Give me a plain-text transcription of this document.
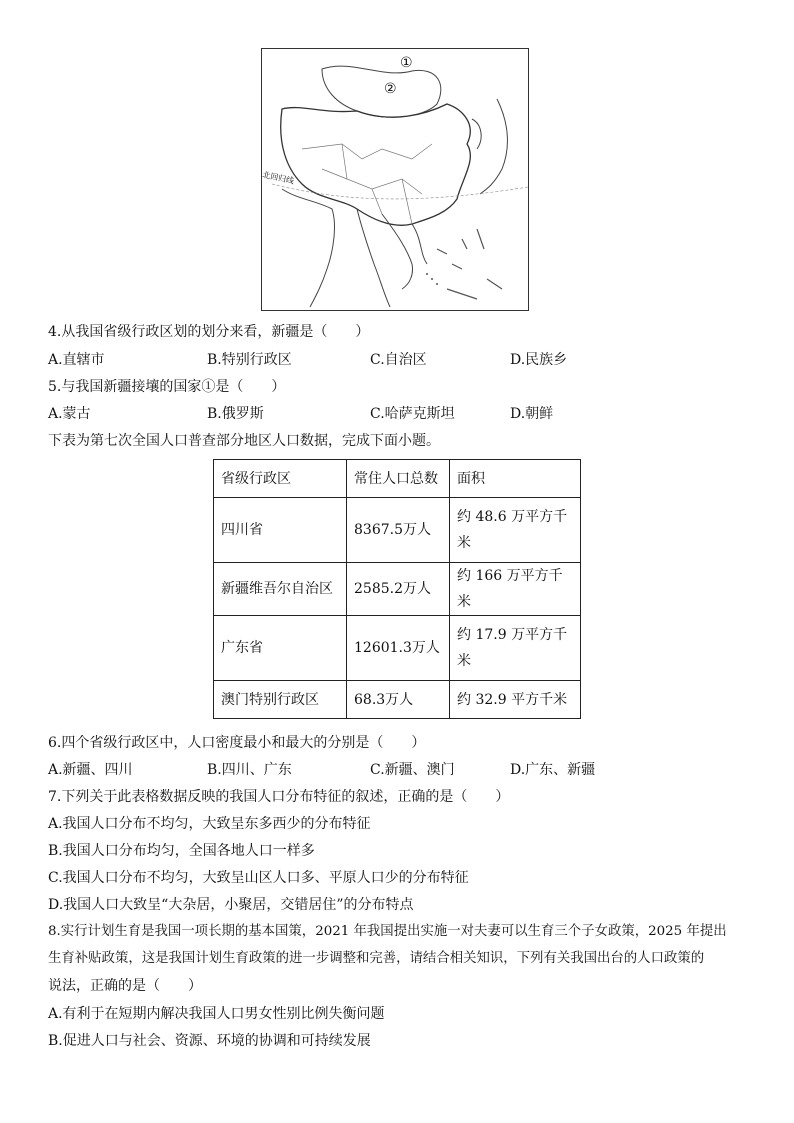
①
②
北回归线
4.从我国省级行政区划的划分来看，新疆是（　　）
A.直辖市	B.特别行政区	C.自治区	D.民族乡
5.与我国新疆接壤的国家①是（　　）
A.蒙古	B.俄罗斯	C.哈萨克斯坦	D.朝鲜
下表为第七次全国人口普查部分地区人口数据，完成下面小题。
省级行政区	常住人口总数	面积
四川省	8367.5万人	约 48.6 万平方千
米
新疆维吾尔自治区	2585.2万人	约 166 万平方千米
广东省	12601.3万人	约 17.9 万平方千
米
澳门特别行政区	68.3万人	约 32.9 平方千米
6.四个省级行政区中，人口密度最小和最大的分别是（　　）
A.新疆、四川	B.四川、广东	C.新疆、澳门	D.广东、新疆
7.下列关于此表格数据反映的我国人口分布特征的叙述，正确的是（　　）
A.我国人口分布不均匀，大致呈东多西少的分布特征
B.我国人口分布均匀，全国各地人口一样多
C.我国人口分布不均匀，大致呈山区人口多、平原人口少的分布特征
D.我国人口大致呈“大杂居，小聚居，交错居住”的分布特点
8.实行计划生育是我国一项长期的基本国策，2021 年我国提出实施一对夫妻可以生育三个子女政策，2025 年提出
生育补贴政策，这是我国计划生育政策的进一步调整和完善，请结合相关知识，下列有关我国出台的人口政策的
说法，正确的是（　　）
A.有利于在短期内解决我国人口男女性别比例失衡问题
B.促进人口与社会、资源、环境的协调和可持续发展
